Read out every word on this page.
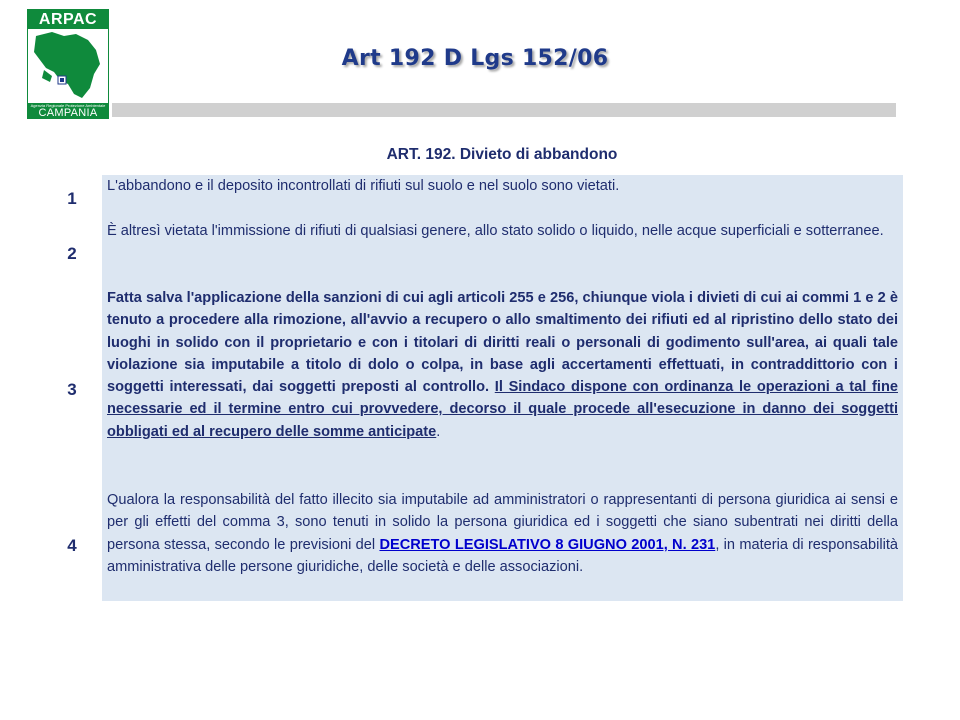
ARPAC
Agenzia Regionale Protezione Ambientale
CAMPANIA
Art 192 D Lgs 152/06
ART. 192. Divieto di abbandono
1
2
3
4

L'abbandono e il deposito incontrollati di rifiuti sul suolo e nel suolo sono vietati.

È altresì vietata l'immissione di rifiuti di qualsiasi genere, allo stato solido o liquido, nelle acque superficiali e sotterranee.

Fatta salva l'applicazione della sanzioni di cui agli articoli 255 e 256, chiunque viola i divieti di cui ai commi 1 e 2 è tenuto a procedere alla rimozione, all'avvio a recupero o allo smaltimento dei rifiuti ed al ripristino dello stato dei luoghi in solido con il proprietario e con i titolari di diritti reali o personali di godimento sull'area, ai quali tale violazione sia imputabile a titolo di dolo o colpa, in base agli accertamenti effettuati, in contraddittorio con i soggetti interessati, dai soggetti preposti al controllo. Il Sindaco dispone con ordinanza le operazioni a tal fine necessarie ed il termine entro cui provvedere, decorso il quale procede all'esecuzione in danno dei soggetti obbligati ed al recupero delle somme anticipate.

Qualora la responsabilità del fatto illecito sia imputabile ad amministratori o rappresentanti di persona giuridica ai sensi e per gli effetti del comma 3, sono tenuti in solido la persona giuridica ed i soggetti che siano subentrati nei diritti della persona stessa, secondo le previsioni del DECRETO LEGISLATIVO 8 GIUGNO 2001, N. 231, in materia di responsabilità amministrativa delle persone giuridiche, delle società e delle associazioni.
